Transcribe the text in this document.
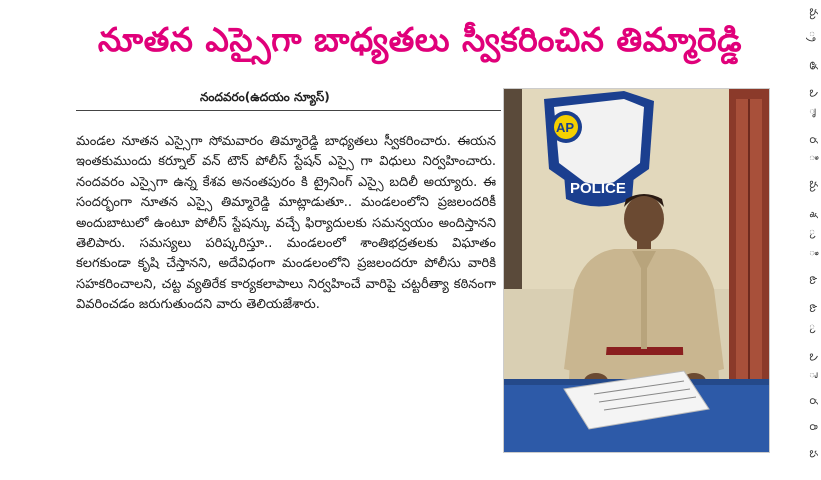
నూతన ఎస్సైగా బాధ్యతలు స్వీకరించిన తిమ్మారెడ్డి
నందవరం(ఉదయం న్యూస్)

మండల నూతన ఎస్సైగా సోమవారం తిమ్మారెడ్డి బాధ్యతలు స్వీకరించారు. ఈయన ఇంతకుముందు కర్నూల్ వన్ టౌన్ పోలీస్ స్టేషన్ ఎస్సై గా విధులు నిర్వహించారు. నందవరం ఎస్సైగా ఉన్న కేశవ అనంతపురం కి ట్రైనింగ్ ఎస్సై బదిలీ అయ్యారు. ఈ సందర్భంగా నూతన ఎస్సై తిమ్మారెడ్డి మాట్లాడుతూ.. మండలంలోని ప్రజలందరికీ అందుబాటులో ఉంటూ పోలీస్ స్టేషన్కు వచ్చే ఫిర్యాదులకు సమన్వయం అందిస్తానని తెలిపారు. సమస్యలు పరిష్కరిస్తూ.. మండలంలో శాంతిభద్రతలకు విఘాతం కలగకుండా కృషి చేస్తానని, అదేవిధంగా మండలంలోని ప్రజలందరూ పోలీసు వారికి సహకరించాలని, చట్ట వ్యతిరేక కార్యకలాపాలు నిర్వహించే వారిపై చట్టరీత్యా కఠినంగా వివరించడం జరుగుతుందని వారు తెలియజేశారు.

AP
POLICE	మ ్ర త ఎ ా ర ి మ శ ు ి ట ట ు ఎ ె ర రి ప
